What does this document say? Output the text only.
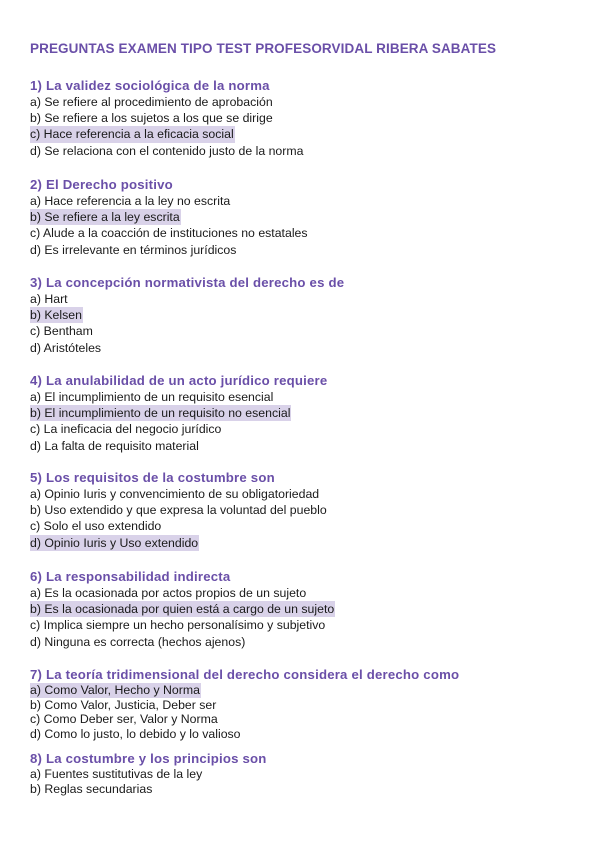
PREGUNTAS EXAMEN TIPO TEST PROFESORVIDAL RIBERA SABATES
1) La validez sociológica de la norma
a) Se refiere al procedimiento de aprobación
b) Se refiere a los sujetos a los que se dirige
c) Hace referencia a la eficacia social
d) Se relaciona con el contenido justo de la norma
2) El Derecho positivo
a) Hace referencia a la ley no escrita
b) Se refiere a la ley escrita
c) Alude a la coacción de instituciones no estatales
d) Es irrelevante en términos jurídicos
3) La concepción normativista del derecho es de
a) Hart
b) Kelsen
c) Bentham
d) Aristóteles
4) La anulabilidad de un acto jurídico requiere
a) El incumplimiento de un requisito esencial
b) El incumplimiento de un requisito no esencial
c) La ineficacia del negocio jurídico
d) La falta de requisito material
5) Los requisitos de la costumbre son
a) Opinio Iuris y convencimiento de su obligatoriedad
b) Uso extendido y que expresa la voluntad del pueblo
c) Solo el uso extendido
d) Opinio Iuris y Uso extendido
6) La responsabilidad indirecta
a) Es la ocasionada por actos propios de un sujeto
b) Es la ocasionada por quien está a cargo de un sujeto
c) Implica siempre un hecho personalísimo y subjetivo
d) Ninguna es correcta (hechos ajenos)
7) La teoría tridimensional del derecho considera el derecho como
a) Como Valor, Hecho y Norma
b) Como Valor, Justicia, Deber ser
c) Como Deber ser, Valor y Norma
d) Como lo justo, lo debido y lo valioso
8) La costumbre y los principios son
a) Fuentes sustitutivas de la ley
b) Reglas secundarias
